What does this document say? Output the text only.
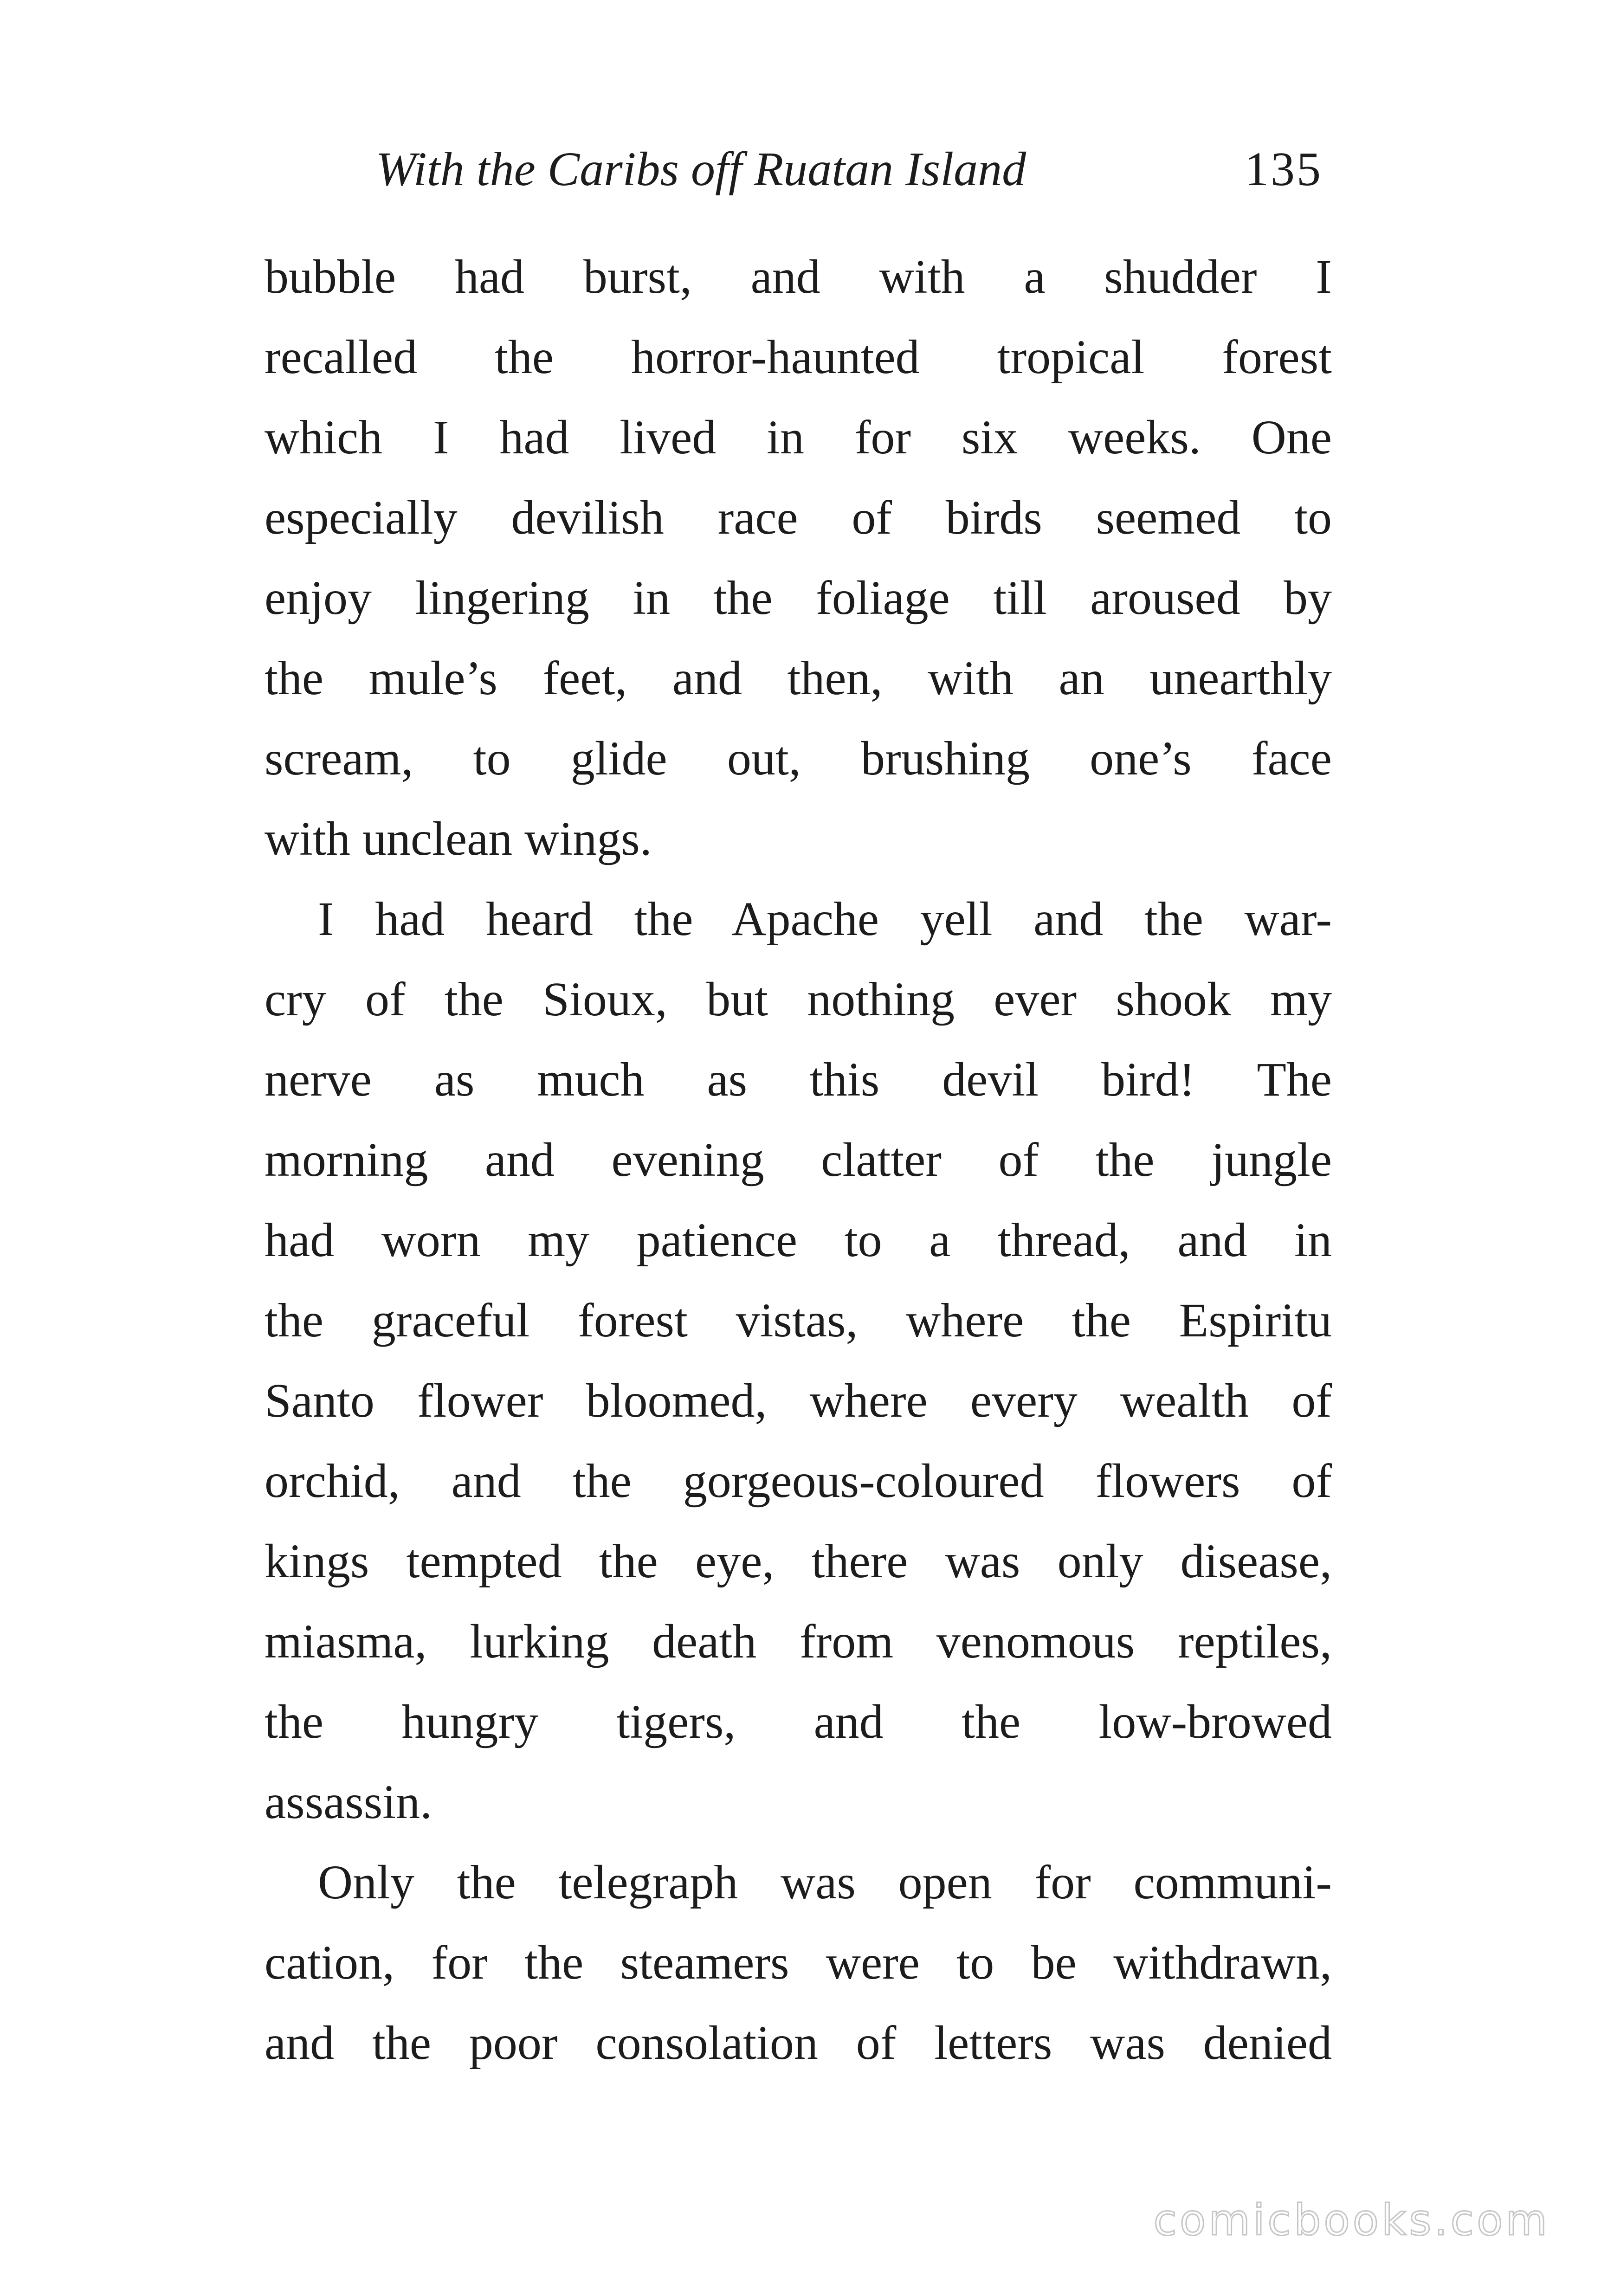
With the Caribs off Ruatan Island	135
bubble had burst, and with a shudder I
recalled the horror-haunted tropical forest
which I had lived in for six weeks. One
especially devilish race of birds seemed to
enjoy lingering in the foliage till aroused by
the mule’s feet, and then, with an unearthly
scream, to glide out, brushing one’s face
with unclean wings.
I had heard the Apache yell and the war-
cry of the Sioux, but nothing ever shook my
nerve as much as this devil bird! The
morning and evening clatter of the jungle
had worn my patience to a thread, and in
the graceful forest vistas, where the Espiritu
Santo flower bloomed, where every wealth of
orchid, and the gorgeous-coloured flowers of
kings tempted the eye, there was only disease,
miasma, lurking death from venomous reptiles,
the hungry tigers, and the low-browed
assassin.
Only the telegraph was open for communi-
cation, for the steamers were to be withdrawn,
and the poor consolation of letters was denied
comicbooks.com
